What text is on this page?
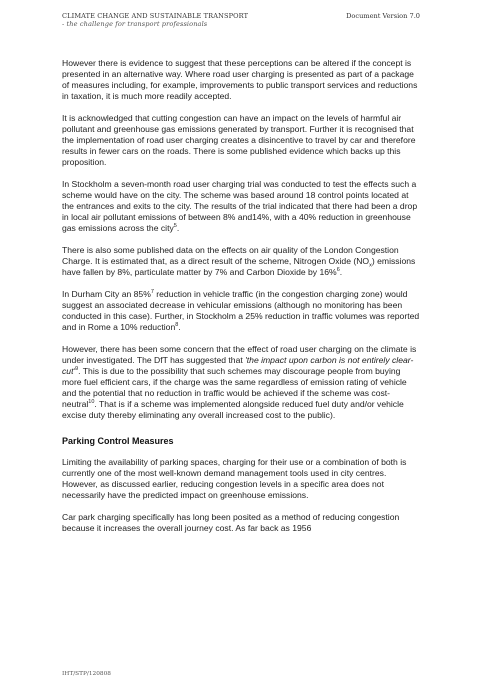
CLIMATE CHANGE AND SUSTAINABLE TRANSPORT
- the challenge for transport professionals
Document Version 7.0

However there is evidence to suggest that these perceptions can be altered if the concept is presented in an alternative way. Where road user charging is presented as part of a package of measures including, for example, improvements to public transport services and reductions in taxation, it is much more readily accepted.

It is acknowledged that cutting congestion can have an impact on the levels of harmful air pollutant and greenhouse gas emissions generated by transport. Further it is recognised that the implementation of road user charging creates a disincentive to travel by car and therefore results in fewer cars on the roads. There is some published evidence which backs up this proposition.

In Stockholm a seven-month road user charging trial was conducted to test the effects such a scheme would have on the city. The scheme was based around 18 control points located at the entrances and exits to the city. The results of the trial indicated that there had been a drop in local air pollutant emissions of between 8% and14%, with a 40% reduction in greenhouse gas emissions across the city$^5$.

There is also some published data on the effects on air quality of the London Congestion Charge. It is estimated that, as a direct result of the scheme, Nitrogen Oxide $(NO_x)$ emissions have fallen by 8%, particulate matter by 7% and Carbon Dioxide by 16%$^6$.

In Durham City an 85%$^7$ reduction in vehicle traffic (in the congestion charging zone) would suggest an associated decrease in vehicular emissions (although no monitoring has been conducted in this case). Further, in Stockholm a 25% reduction in traffic volumes was reported and in Rome a 10% reduction$^8$.

However, there has been some concern that the effect of road user charging on the climate is under investigated. The DfT has suggested that 'the impact upon carbon is not entirely clear- $cut'^9$. This is due to the possibility that such schemes may discourage people from buying more fuel efficient cars, if the charge was the same regardless of emission rating of vehicle and the potential that no reduction in traffic would be achieved if the scheme was cost-neutral$^{10}$. That is if a scheme was implemented alongside reduced fuel duty and/or vehicle excise duty thereby eliminating any overall increased cost to the public).

Parking Control Measures

Limiting the availability of parking spaces, charging for their use or a combination of both is currently one of the most well-known demand management tools used in city centres. However, as discussed earlier, reducing congestion levels in a specific area does not necessarily have the predicted impact on greenhouse emissions.

Car park charging specifically has long been posited as a method of reducing congestion because it increases the overall journey cost. As far back as 1956

IHT/STP/120808
